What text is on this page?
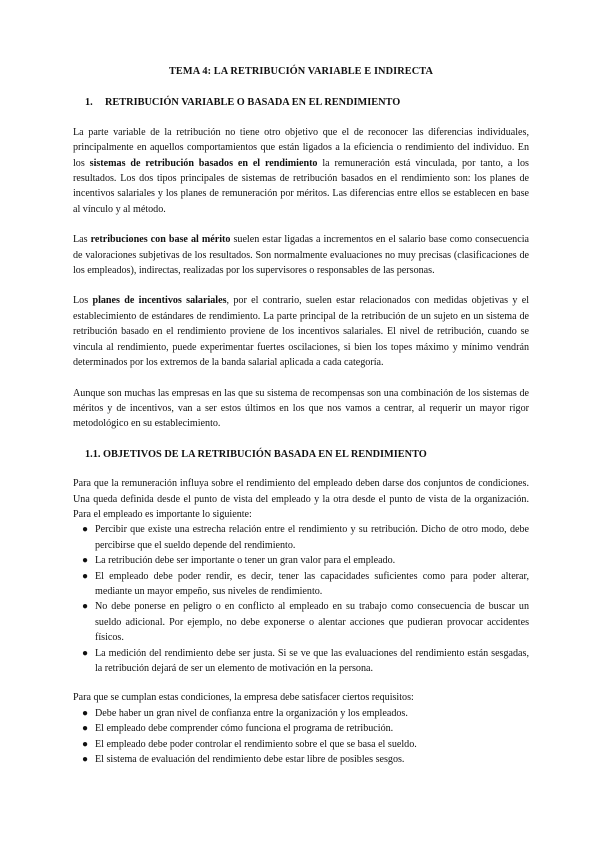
TEMA 4: LA RETRIBUCIÓN VARIABLE E INDIRECTA
1. RETRIBUCIÓN VARIABLE O BASADA EN EL RENDIMIENTO

La parte variable de la retribución no tiene otro objetivo que el de reconocer las diferencias individuales, principalmente en aquellos comportamientos que están ligados a la eficiencia o rendimiento del individuo. En los sistemas de retribución basados en el rendimiento la remuneración está vinculada, por tanto, a los resultados. Los dos tipos principales de sistemas de retribución basados en el rendimiento son: los planes de incentivos salariales y los planes de remuneración por méritos. Las diferencias entre ellos se establecen en base al vínculo y al método.

Las retribuciones con base al mérito suelen estar ligadas a incrementos en el salario base como consecuencia de valoraciones subjetivas de los resultados. Son normalmente evaluaciones no muy precisas (clasificaciones de los empleados), indirectas, realizadas por los supervisores o responsables de las personas.

Los planes de incentivos salariales, por el contrario, suelen estar relacionados con medidas objetivas y el establecimiento de estándares de rendimiento. La parte principal de la retribución de un sujeto en un sistema de retribución basado en el rendimiento proviene de los incentivos salariales. El nivel de retribución, cuando se vincula al rendimiento, puede experimentar fuertes oscilaciones, si bien los topes máximo y mínimo vendrán determinados por los extremos de la banda salarial aplicada a cada categoría.

Aunque son muchas las empresas en las que su sistema de recompensas son una combinación de los sistemas de méritos y de incentivos, van a ser estos últimos en los que nos vamos a centrar, al requerir un mayor rigor metodológico en su establecimiento.

1.1. OBJETIVOS DE LA RETRIBUCIÓN BASADA EN EL RENDIMIENTO

Para que la remuneración influya sobre el rendimiento del empleado deben darse dos conjuntos de condiciones. Una queda definida desde el punto de vista del empleado y la otra desde el punto de vista de la organización. Para el empleado es importante lo siguiente:

● Percibir que existe una estrecha relación entre el rendimiento y su retribución. Dicho de otro modo, debe percibirse que el sueldo depende del rendimiento.
● La retribución debe ser importante o tener un gran valor para el empleado.
● El empleado debe poder rendir, es decir, tener las capacidades suficientes como para poder alterar, mediante un mayor empeño, sus niveles de rendimiento.
● No debe ponerse en peligro o en conflicto al empleado en su trabajo como consecuencia de buscar un sueldo adicional. Por ejemplo, no debe exponerse o alentar acciones que pudieran provocar accidentes físicos.
● La medición del rendimiento debe ser justa. Si se ve que las evaluaciones del rendimiento están sesgadas, la retribución dejará de ser un elemento de motivación en la persona.

Para que se cumplan estas condiciones, la empresa debe satisfacer ciertos requisitos:

● Debe haber un gran nivel de confianza entre la organización y los empleados.
● El empleado debe comprender cómo funciona el programa de retribución.
● El empleado debe poder controlar el rendimiento sobre el que se basa el sueldo.
● El sistema de evaluación del rendimiento debe estar libre de posibles sesgos.
